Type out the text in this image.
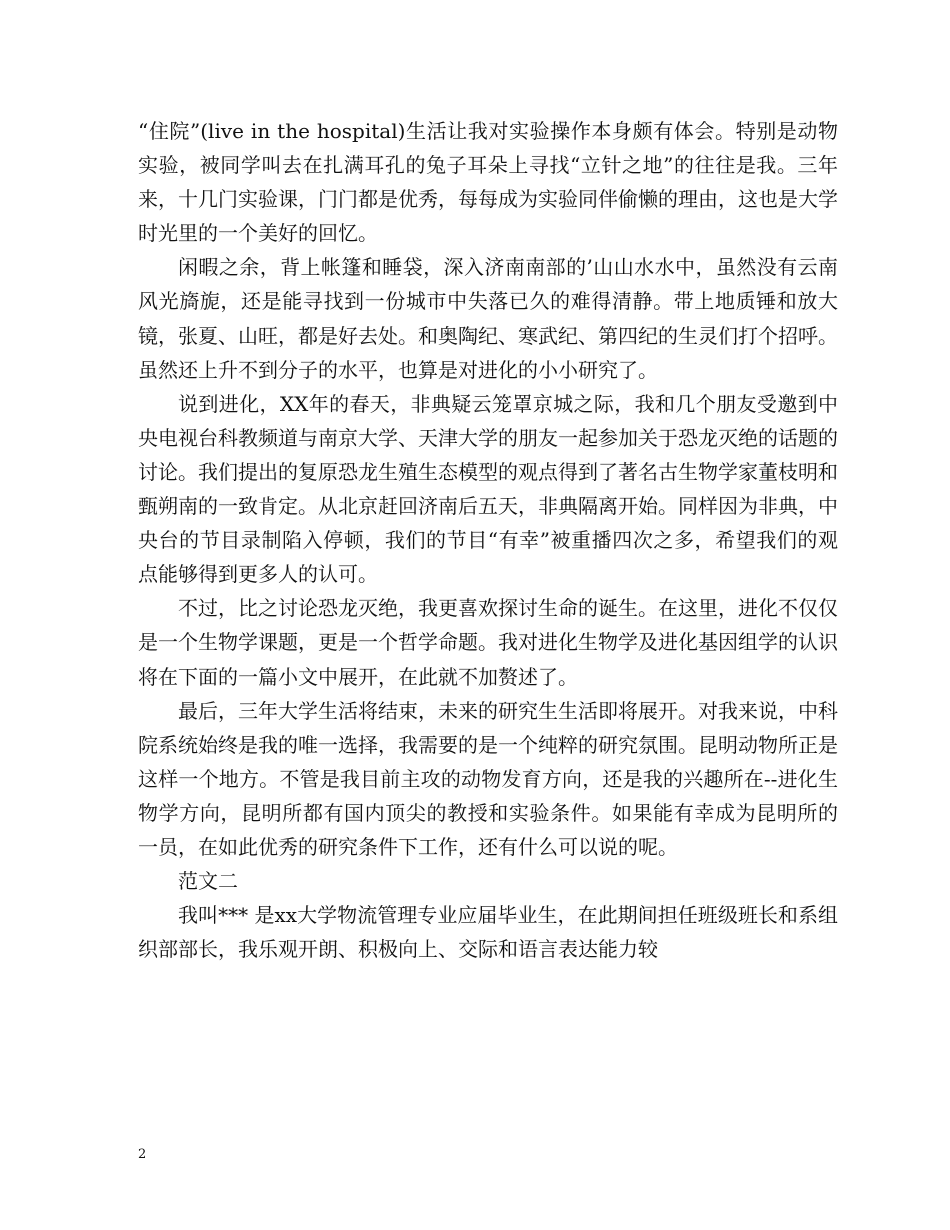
“住院”(live in the hospital)生活让我对实验操作本身颇有体会。特别是动物实验，被同学叫去在扎满耳孔的兔子耳朵上寻找“立针之地”的往往是我。三年来，十几门实验课，门门都是优秀，每每成为实验同伴偷懒的理由，这也是大学时光里的一个美好的回忆。

闲暇之余，背上帐篷和睡袋，深入济南南部的’山山水水中，虽然没有云南风光旖旎，还是能寻找到一份城市中失落已久的难得清静。带上地质锤和放大镜，张夏、山旺，都是好去处。和奥陶纪、寒武纪、第四纪的生灵们打个招呼。虽然还上升不到分子的水平，也算是对进化的小小研究了。

说到进化，XX年的春天，非典疑云笼罩京城之际，我和几个朋友受邀到中央电视台科教频道与南京大学、天津大学的朋友一起参加关于恐龙灭绝的话题的讨论。我们提出的复原恐龙生殖生态模型的观点得到了著名古生物学家董枝明和甄朔南的一致肯定。从北京赶回济南后五天，非典隔离开始。同样因为非典，中央台的节目录制陷入停顿，我们的节目“有幸”被重播四次之多，希望我们的观点能够得到更多人的认可。

不过，比之讨论恐龙灭绝，我更喜欢探讨生命的诞生。在这里，进化不仅仅是一个生物学课题，更是一个哲学命题。我对进化生物学及进化基因组学的认识将在下面的一篇小文中展开，在此就不加赘述了。

最后，三年大学生活将结束，未来的研究生生活即将展开。对我来说，中科院系统始终是我的唯一选择，我需要的是一个纯粹的研究氛围。昆明动物所正是这样一个地方。不管是我目前主攻的动物发育方向，还是我的兴趣所在--进化生物学方向，昆明所都有国内顶尖的教授和实验条件。如果能有幸成为昆明所的 一员，在如此优秀的研究条件下工作，还有什么可以说的呢。

范文二

我叫*** 是xx大学物流管理专业应届毕业生，在此期间担任班级班长和系组织部部长，我乐观开朗、积极向上、交际和语言表达能力较

2
